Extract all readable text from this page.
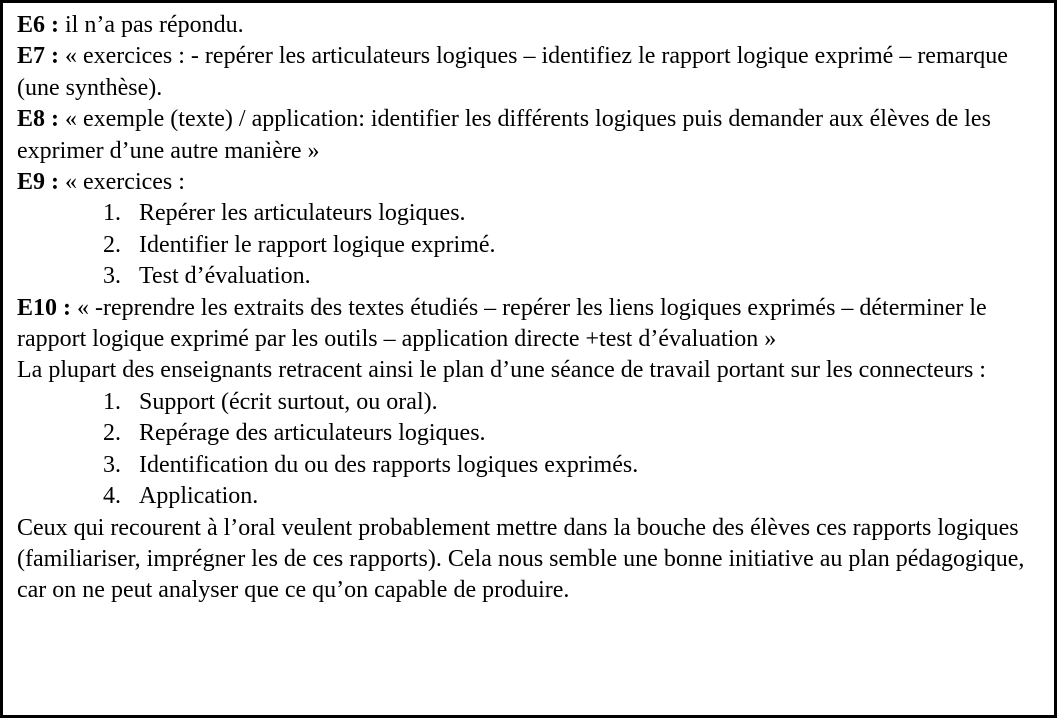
E6 : il n’a pas répondu.

E7 : « exercices : - repérer les articulateurs logiques – identifiez le rapport logique exprimé – remarque (une synthèse).

E8 : « exemple (texte) / application: identifier les différents logiques puis demander aux élèves de les exprimer d’une autre manière »

E9 : « exercices :

1. Repérer les articulateurs logiques.
2. Identifier le rapport logique exprimé.
3. Test d’évaluation.

E10 : « -reprendre les extraits des textes étudiés – repérer les liens logiques exprimés – déterminer le rapport logique exprimé par les outils – application directe +test d’évaluation »

La plupart des enseignants retracent ainsi le plan d’une séance de travail portant sur les connecteurs :

1. Support (écrit surtout, ou oral).
2. Repérage des articulateurs logiques.
3. Identification du ou des rapports logiques exprimés.
4. Application.

Ceux qui recourent à l’oral veulent probablement mettre dans la bouche des élèves ces rapports logiques (familiariser, imprégner les de ces rapports). Cela nous semble une bonne initiative au plan pédagogique, car on ne peut analyser que ce qu’on capable de produire.
